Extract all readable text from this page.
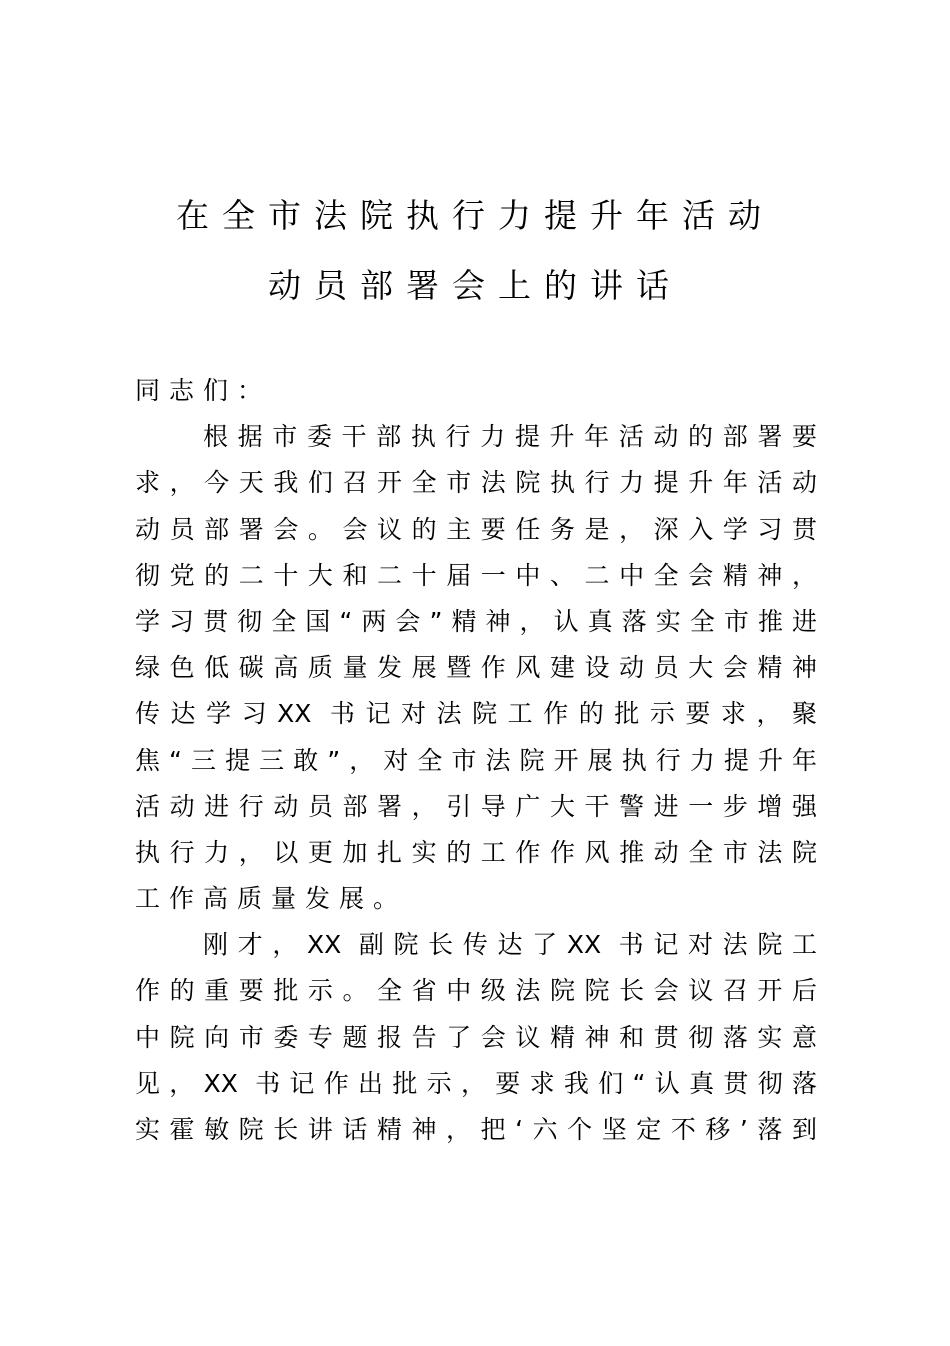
在全市法院执行力提升年活动
动员部署会上的讲话
同志们：
根据市委干部执行力提升年活动的部署要
求，今天我们召开全市法院执行力提升年活动
动员部署会。会议的主要任务是，深入学习贯
彻党的二十大和二十届一中、二中全会精神，
学习贯彻全国“两会”精神，认真落实全市推进
绿色低碳高质量发展暨作风建设动员大会精神
传达学习XX 书记对法院工作的批示要求，聚
焦“三提三敢”，对全市法院开展执行力提升年
活动进行动员部署，引导广大干警进一步增强
执行力，以更加扎实的工作作风推动全市法院
工作高质量发展。
刚才，XX 副院长传达了XX 书记对法院工
作的重要批示。全省中级法院院长会议召开后
中院向市委专题报告了会议精神和贯彻落实意
见，XX 书记作出批示，要求我们“认真贯彻落
实霍敏院长讲话精神，把‘六个坚定不移’落到
